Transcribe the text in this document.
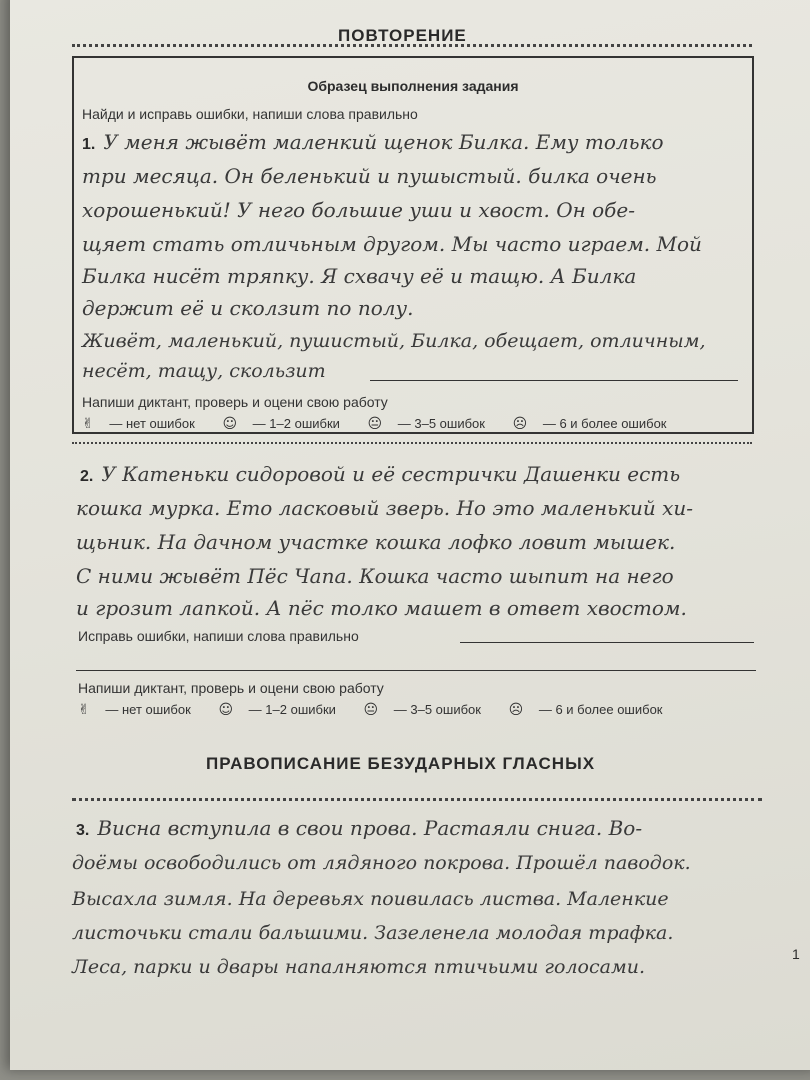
ПОВТОРЕНИЕ
Образец выполнения задания
Найди и исправь ошибки, напиши слова правильно
1. У меня жывёт маленкий щенок Билка. Ему только
три месяца. Он беленький и пушыстый. билка очень
хорошенький! У него большие уши и хвост. Он обе-
щяет стать отличьным другом. Мы часто играем. Мой
Билка нисёт тряпку. Я схвачу её и тащю. А Билка
держит её и сколзит по полу.
Живёт, маленький, пушистый, Билка, обещает, отличным,
несёт, тащу, скользит
Напиши диктант, проверь и оцени свою работу
✌ — нет ошибок ☺ — 1–2 ошибки 😐 — 3–5 ошибок ☹ — 6 и более ошибок
2. У Катеньки сидоровой и её сестрички Дашенки есть
кошка мурка. Ето ласковый зверь. Но это маленький хи-
щьник. На дачном участке кошка лофко ловит мышек.
С ними жывёт Пёс Чапа. Кошка часто шыпит на него
и грозит лапкой. А пёс толко машет в ответ хвостом.
Исправь ошибки, напиши слова правильно
Напиши диктант, проверь и оцени свою работу
✌ — нет ошибок ☺ — 1–2 ошибки 😐 — 3–5 ошибок ☹ — 6 и более ошибок
ПРАВОПИСАНИЕ БЕЗУДАРНЫХ ГЛАСНЫХ
3. Висна вступила в свои прова. Растаяли снига. Во-
доёмы освободились от лядяного покрова. Прошёл паводок.
Высахла зимля. На деревьях поивилась листва. Маленкие
листочьки стали бальшими. Зазеленела молодая трафка.
Леса, парки и двары напалняются птичьими голосами.
1
